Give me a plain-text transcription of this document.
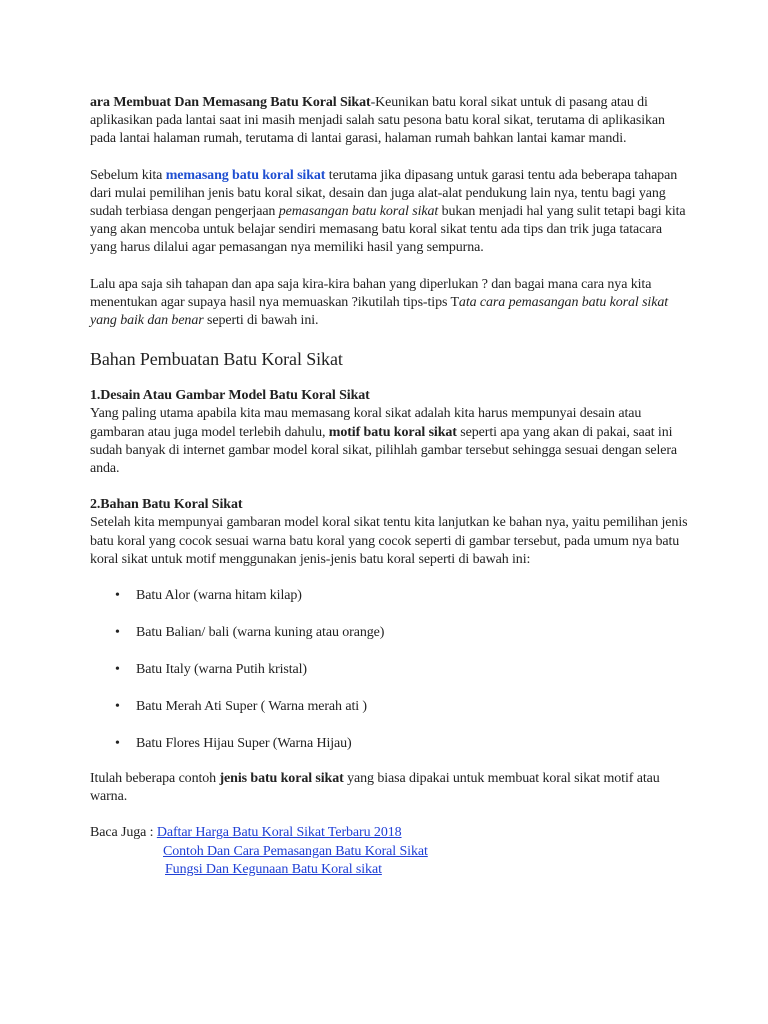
ara Membuat Dan Memasang Batu Koral Sikat-Keunikan batu koral sikat untuk di pasang atau di aplikasikan pada lantai saat ini masih menjadi salah satu pesona batu koral sikat, terutama di aplikasikan pada lantai halaman rumah, terutama di lantai garasi, halaman rumah bahkan lantai kamar mandi.

Sebelum kita memasang batu koral sikat terutama jika dipasang untuk garasi tentu ada beberapa tahapan dari mulai pemilihan jenis batu koral sikat, desain dan juga alat-alat pendukung lain nya, tentu bagi yang sudah terbiasa dengan pengerjaan pemasangan batu koral sikat bukan menjadi hal yang sulit tetapi bagi kita yang akan mencoba untuk belajar sendiri memasang batu koral sikat tentu ada tips dan trik juga tatacara yang harus dilalui agar pemasangan nya memiliki hasil yang sempurna.

Lalu apa saja sih tahapan dan apa saja kira-kira bahan yang diperlukan ? dan bagai mana cara nya kita menentukan agar supaya hasil nya memuaskan ?ikutilah tips-tips Tata cara pemasangan batu koral sikat yang baik dan benar seperti di bawah ini.

Bahan Pembuatan Batu Koral Sikat

1.Desain Atau Gambar Model Batu Koral Sikat

Yang paling utama apabila kita mau memasang koral sikat adalah kita harus mempunyai desain atau gambaran atau juga model terlebih dahulu, motif batu koral sikat seperti apa yang akan di pakai, saat ini sudah banyak di internet gambar model koral sikat, pilihlah gambar tersebut sehingga sesuai dengan selera anda.

2.Bahan Batu Koral Sikat

Setelah kita mempunyai gambaran model koral sikat tentu kita lanjutkan ke bahan nya, yaitu pemilihan jenis batu koral yang cocok sesuai warna batu koral yang cocok seperti di gambar tersebut, pada umum nya batu koral sikat untuk motif menggunakan jenis-jenis batu koral seperti di bawah ini:

• Batu Alor (warna hitam kilap)
• Batu Balian/ bali (warna kuning atau orange)
• Batu Italy (warna Putih kristal)
• Batu Merah Ati Super ( Warna merah ati )
• Batu Flores Hijau Super (Warna Hijau)

Itulah beberapa contoh jenis batu koral sikat yang biasa dipakai untuk membuat koral sikat motif atau warna.

Baca Juga : Daftar Harga Batu Koral Sikat Terbaru 2018
Contoh Dan Cara Pemasangan Batu Koral Sikat
Fungsi Dan Kegunaan Batu Koral sikat
